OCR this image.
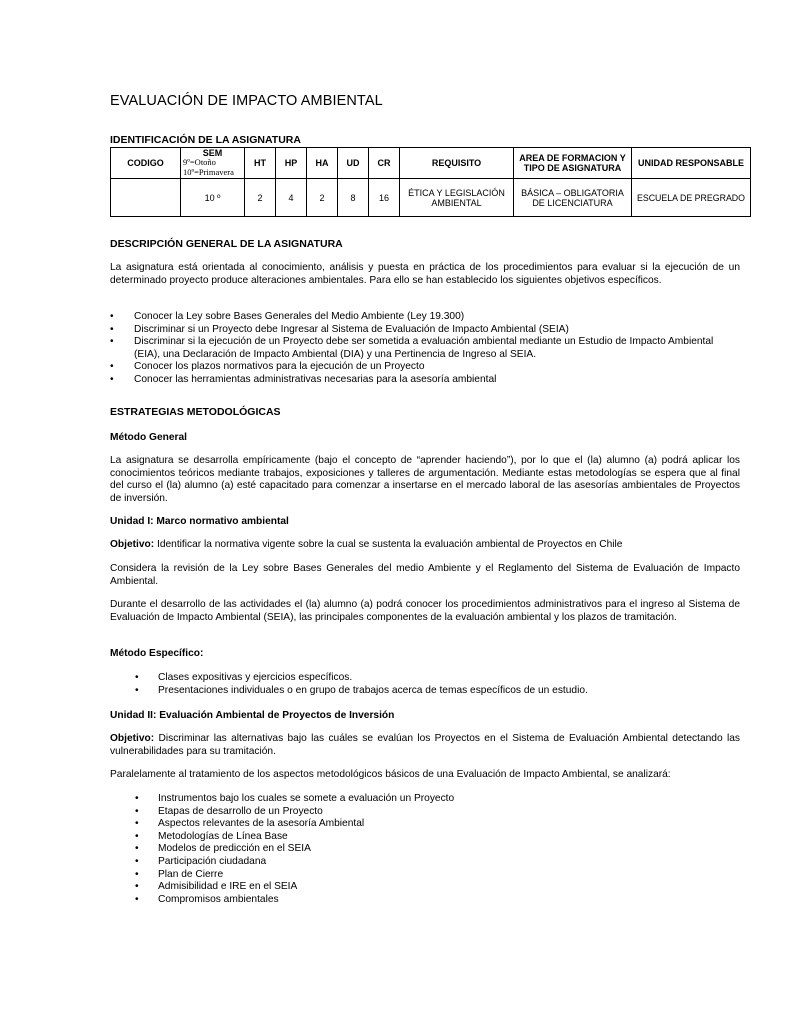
EVALUACIÓN DE IMPACTO AMBIENTAL
IDENTIFICACIÓN DE LA ASIGNATURA
CODIGO	SEM
9º=Otoño
10º=Primavera	HT	HP	HA	UD	CR	REQUISITO	AREA DE FORMACION Y TIPO DE ASIGNATURA	UNIDAD RESPONSABLE
	10 º	2	4	2	8	16	ÉTICA Y LEGISLACIÓN AMBIENTAL	BÁSICA – OBLIGATORIA DE LICENCIATURA	ESCUELA DE PREGRADO
DESCRIPCIÓN GENERAL DE LA ASIGNATURA

La asignatura está orientada al conocimiento, análisis y puesta en práctica de los procedimientos para evaluar si la ejecución de un determinado proyecto produce alteraciones ambientales. Para ello se han establecido los siguientes objetivos específicos.

• Conocer la Ley sobre Bases Generales del Medio Ambiente (Ley 19.300)
• Discriminar si un Proyecto debe Ingresar al Sistema de Evaluación de Impacto Ambiental (SEIA)
• Discriminar si la ejecución de un Proyecto debe ser sometida a evaluación ambiental mediante un Estudio de Impacto Ambiental (EIA), una Declaración de Impacto Ambiental (DIA) y una Pertinencia de Ingreso al SEIA.
• Conocer los plazos normativos para la ejecución de un Proyecto
• Conocer las herramientas administrativas necesarias para la asesoría ambiental
ESTRATEGIAS METODOLÓGICAS
Método General

La asignatura se desarrolla empíricamente (bajo el concepto de “aprender haciendo”), por lo que el (la) alumno (a) podrá aplicar los conocimientos teóricos mediante trabajos, exposiciones y talleres de argumentación. Mediante estas metodologías se espera que al final del curso el (la) alumno (a) esté capacitado para comenzar a insertarse en el mercado laboral de las asesorías ambientales de Proyectos de inversión.

Unidad I: Marco normativo ambiental

Objetivo: Identificar la normativa vigente sobre la cual se sustenta la evaluación ambiental de Proyectos en Chile

Considera la revisión de la Ley sobre Bases Generales del medio Ambiente y el Reglamento del Sistema de Evaluación de Impacto Ambiental.

Durante el desarrollo de las actividades el (la) alumno (a) podrá conocer los procedimientos administrativos para el ingreso al Sistema de Evaluación de Impacto Ambiental (SEIA), las principales componentes de la evaluación ambiental y los plazos de tramitación.

Método Específico:
• Clases expositivas y ejercicios específicos.
• Presentaciones individuales o en grupo de trabajos acerca de temas específicos de un estudio.
Unidad II: Evaluación Ambiental de Proyectos de Inversión

Objetivo: Discriminar las alternativas bajo las cuáles se evalúan los Proyectos en el Sistema de Evaluación Ambiental detectando las vulnerabilidades para su tramitación.

Paralelamente al tratamiento de los aspectos metodológicos básicos de una Evaluación de Impacto Ambiental, se analizará:

• Instrumentos bajo los cuales se somete a evaluación un Proyecto
• Etapas de desarrollo de un Proyecto
• Aspectos relevantes de la asesoría Ambiental
• Metodologías de Línea Base
• Modelos de predicción en el SEIA
• Participación ciudadana
• Plan de Cierre
• Admisibilidad e IRE en el SEIA
• Compromisos ambientales
